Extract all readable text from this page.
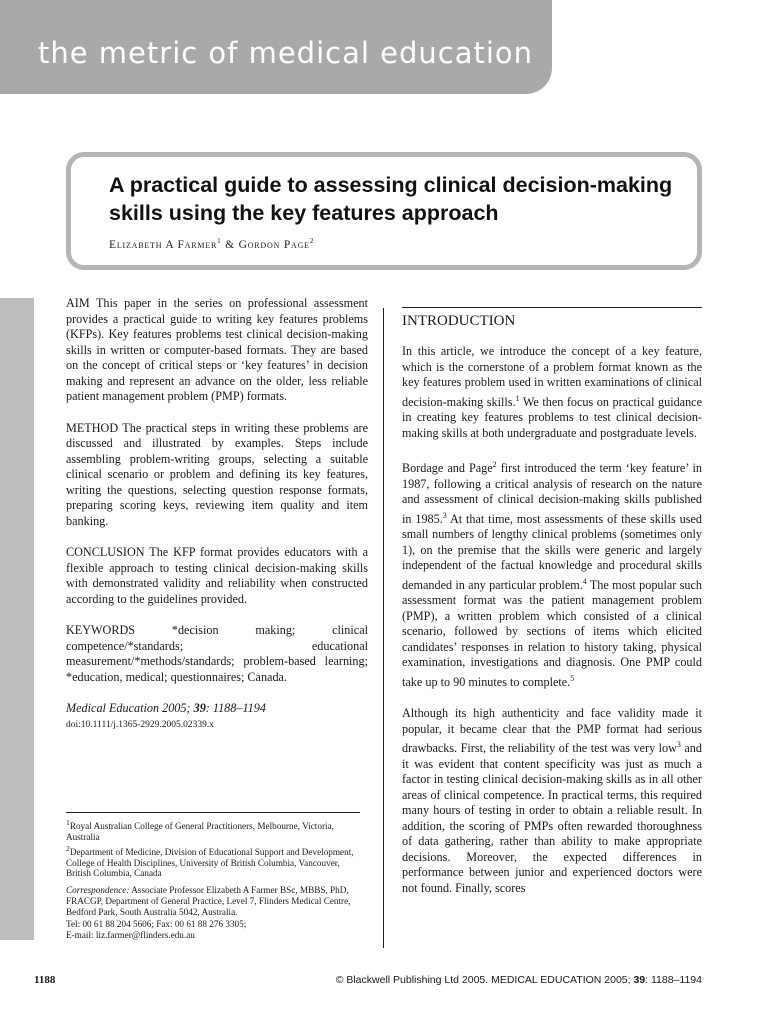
the metric of medical education
A practical guide to assessing clinical decision-making skills using the key features approach
Elizabeth A Farmer$^1$ & Gordon Page$^2$

AIM This paper in the series on professional assessment provides a practical guide to writing key features problems (KFPs). Key features problems test clinical decision-making skills in written or computer-based formats. They are based on the concept of critical steps or ‘key features’ in decision making and represent an advance on the older, less reliable patient management problem (PMP) formats.

METHOD The practical steps in writing these problems are discussed and illustrated by examples. Steps include assembling problem-writing groups, selecting a suitable clinical scenario or problem and defining its key features, writing the questions, selecting question response formats, preparing scoring keys, reviewing item quality and item banking.

CONCLUSION The KFP format provides educators with a flexible approach to testing clinical decision-making skills with demonstrated validity and reliability when constructed according to the guidelines provided.

KEYWORDS *decision making; clinical competence/*standards; educational measurement/*methods/standards; problem-based learning; *education, medical; questionnaires; Canada.

Medical Education 2005; 39: 1188–1194
doi:10.1111/j.1365-2929.2005.02339.x
$^1$Royal Australian College of General Practitioners, Melbourne, Victoria, Australia
$^2$Department of Medicine, Division of Educational Support and Development, College of Health Disciplines, University of British Columbia, Vancouver, British Columbia, Canada
Correspondence: Associate Professor Elizabeth A Farmer BSc, MBBS, PhD, FRACGP, Department of General Practice, Level 7, Flinders Medical Centre, Bedford Park, South Australia 5042, Australia.
Tel: 00 61 88 204 5606; Fax: 00 61 88 276 3305;
E-mail: liz.farmer@flinders.edu.au
INTRODUCTION

In this article, we introduce the concept of a key feature, which is the cornerstone of a problem format known as the key features problem used in written examinations of clinical decision-making skills.$^1$ We then focus on practical guidance in creating key features problems to test clinical decision-making skills at both undergraduate and postgraduate levels.

Bordage and Page$^2$ first introduced the term ‘key feature’ in 1987, following a critical analysis of research on the nature and assessment of clinical decision-making skills published in 1985.$^3$ At that time, most assessments of these skills used small numbers of lengthy clinical problems (sometimes only 1), on the premise that the skills were generic and largely independent of the factual knowledge and procedural skills demanded in any particular problem.$^4$ The most popular such assessment format was the patient management problem (PMP), a written problem which consisted of a clinical scenario, followed by sections of items which elicited candidates’ responses in relation to history taking, physical examination, investigations and diagnosis. One PMP could take up to 90 minutes to complete.$^5$

Although its high authenticity and face validity made it popular, it became clear that the PMP format had serious drawbacks. First, the reliability of the test was very low$^3$ and it was evident that content specificity was just as much a factor in testing clinical decision-making skills as in all other areas of clinical competence. In practical terms, this required many hours of testing in order to obtain a reliable result. In addition, the scoring of PMPs often rewarded thoroughness of data gathering, rather than ability to make appropriate decisions. Moreover, the expected differences in performance between junior and experienced doctors were not found. Finally, scores

1188	© Blackwell Publishing Ltd 2005. MEDICAL EDUCATION 2005; 39: 1188–1194
